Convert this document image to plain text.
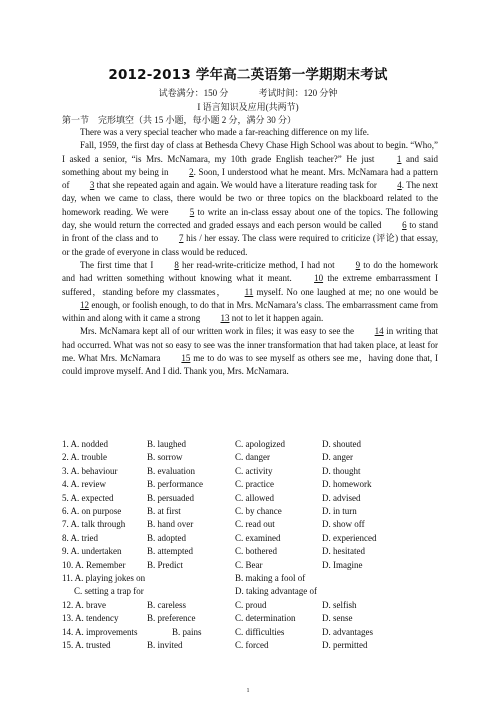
2012-2013 学年高二英语第一学期期末考试
试卷满分：150 分	考试时间：120 分钟
I 语言知识及应用(共两节)
第一节　完形填空（共 15 小题，每小题 2 分，满分 30 分）

There was a very special teacher who made a far-reaching difference on my life.

Fall, 1959, the first day of class at Bethesda Chevy Chase High School was about to begin. “Who,” I asked a senior, “is Mrs. McNamara, my 10th grade English teacher?” He just 1 and said something about my being in 2. Soon, I understood what he meant. Mrs. McNamara had a pattern of 3 that she repeated again and again. We would have a literature reading task for 4. The next day, when we came to class, there would be two or three topics on the blackboard related to the homework reading. We were 5 to write an in-class essay about one of the topics. The following day, she would return the corrected and graded essays and each person would be called 6 to stand in front of the class and to 7 his / her essay. The class were required to criticize (评论) that essay, or the grade of everyone in class would be reduced.

The first time that I 8 her read-write-criticize method, I had not 9 to do the homework and had written something without knowing what it meant. 10 the extreme embarrassment I suffered，standing before my classmates， 11 myself. No one laughed at me; no one would be 12 enough, or foolish enough, to do that in Mrs. McNamara’s class. The embarrassment came from within and along with it came a strong 13 not to let it happen again.

Mrs. McNamara kept all of our written work in files; it was easy to see the 14 in writing that had occurred. What was not so easy to see was the inner transformation that had taken place, at least for me. What Mrs. McNamara 15 me to do was to see myself as others see me，having done that, I could improve myself. And I did. Thank you, Mrs. McNamara.

1. A. nodded	B. laughed	C. apologized	D. shouted
2. A. trouble	B. sorrow	C. danger	D. anger
3. A. behaviour	B. evaluation	C. activity	D. thought
4. A. review	B. performance	C. practice	D. homework
5. A. expected	B. persuaded	C. allowed	D. advised
6. A. on purpose	B. at first	C. by chance	D. in turn
7. A. talk through	B. hand over	C. read out	D. show off
8. A. tried	B. adopted	C. examined	D. experienced
9. A. undertaken	B. attempted	C. bothered	D. hesitated
10. A. Remember	B. Predict	C. Bear	D. Imagine
11. A. playing jokes on	B. making a fool of
C. setting a trap for	D. taking advantage of
12. A. brave	B. careless	C. proud	D. selfish
13. A. tendency	B. preference	C. determination	D. sense
14. A. improvements	B. pains	C. difficulties	D. advantages
15. A. trusted	B. invited	C. forced	D. permitted
1
